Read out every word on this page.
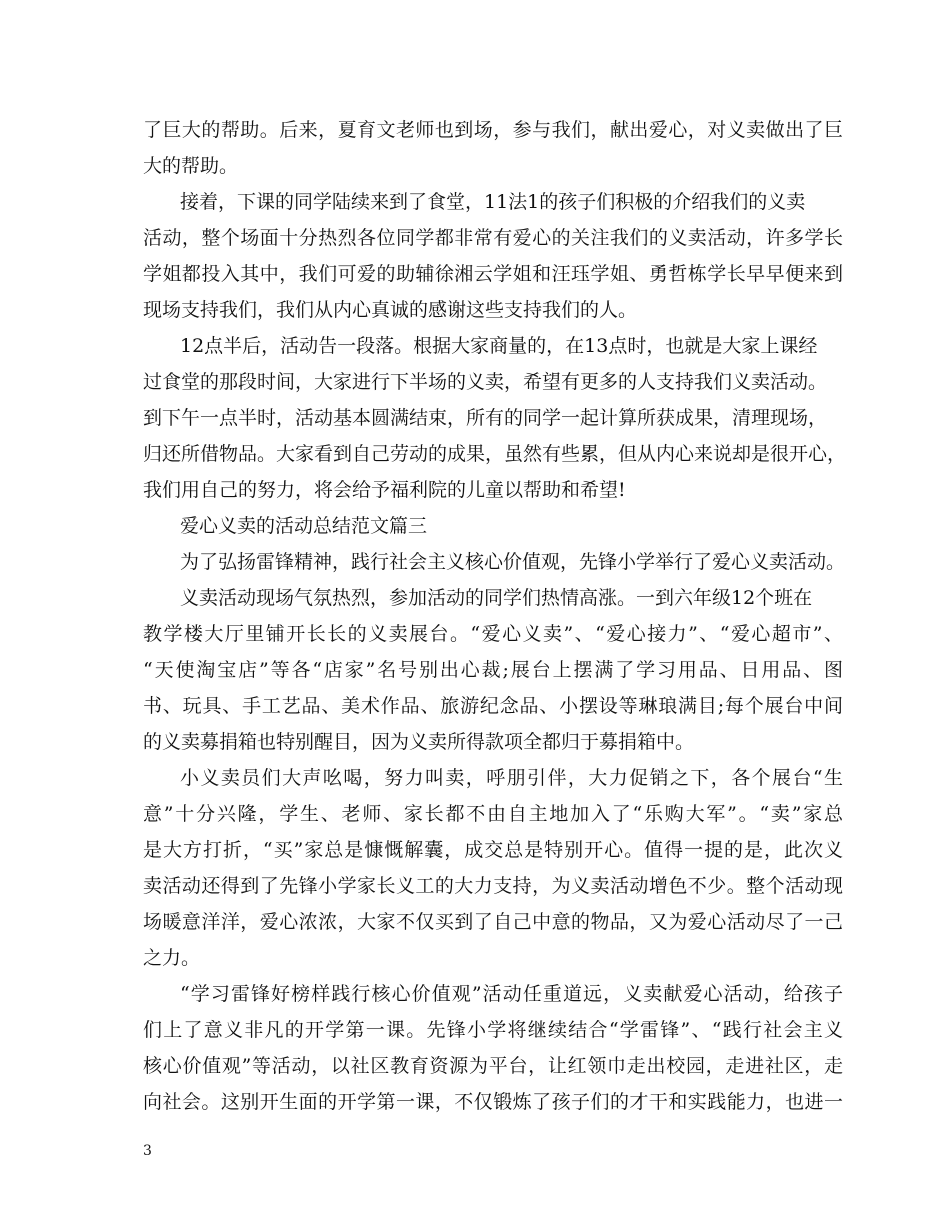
了巨大的帮助。后来，夏育文老师也到场，参与我们，献出爱心，对义卖做出了巨
大的帮助。
接着，下课的同学陆续来到了食堂，11法1的孩子们积极的介绍我们的义卖
活动，整个场面十分热烈各位同学都非常有爱心的关注我们的义卖活动，许多学长
学姐都投入其中，我们可爱的助辅徐湘云学姐和汪珏学姐、勇哲栋学长早早便来到
现场支持我们，我们从内心真诚的感谢这些支持我们的人。
12点半后，活动告一段落。根据大家商量的，在13点时，也就是大家上课经
过食堂的那段时间，大家进行下半场的义卖，希望有更多的人支持我们义卖活动。
到下午一点半时，活动基本圆满结束，所有的同学一起计算所获成果，清理现场，
归还所借物品。大家看到自己劳动的成果，虽然有些累，但从内心来说却是很开心，
我们用自己的努力，将会给予福利院的儿童以帮助和希望!
爱心义卖的活动总结范文篇三
为了弘扬雷锋精神，践行社会主义核心价值观，先锋小学举行了爱心义卖活动。
义卖活动现场气氛热烈，参加活动的同学们热情高涨。一到六年级12个班在
教学楼大厅里铺开长长的义卖展台。“爱心义卖”、“爱心接力”、“爱心超市”、
“天使淘宝店”等各“店家”名号别出心裁;展台上摆满了学习用品、日用品、图
书、玩具、手工艺品、美术作品、旅游纪念品、小摆设等琳琅满目;每个展台中间
的义卖募捐箱也特别醒目，因为义卖所得款项全都归于募捐箱中。
小义卖员们大声吆喝，努力叫卖，呼朋引伴，大力促销之下，各个展台“生
意”十分兴隆，学生、老师、家长都不由自主地加入了“乐购大军”。“卖”家总
是大方打折，“买”家总是慷慨解囊，成交总是特别开心。值得一提的是，此次义
卖活动还得到了先锋小学家长义工的大力支持，为义卖活动增色不少。整个活动现
场暖意洋洋，爱心浓浓，大家不仅买到了自己中意的物品，又为爱心活动尽了一己
之力。
“学习雷锋好榜样践行核心价值观”活动任重道远，义卖献爱心活动，给孩子
们上了意义非凡的开学第一课。先锋小学将继续结合“学雷锋”、“践行社会主义
核心价值观”等活动，以社区教育资源为平台，让红领巾走出校园，走进社区，走
向社会。这别开生面的开学第一课，不仅锻炼了孩子们的才干和实践能力，也进一
3
